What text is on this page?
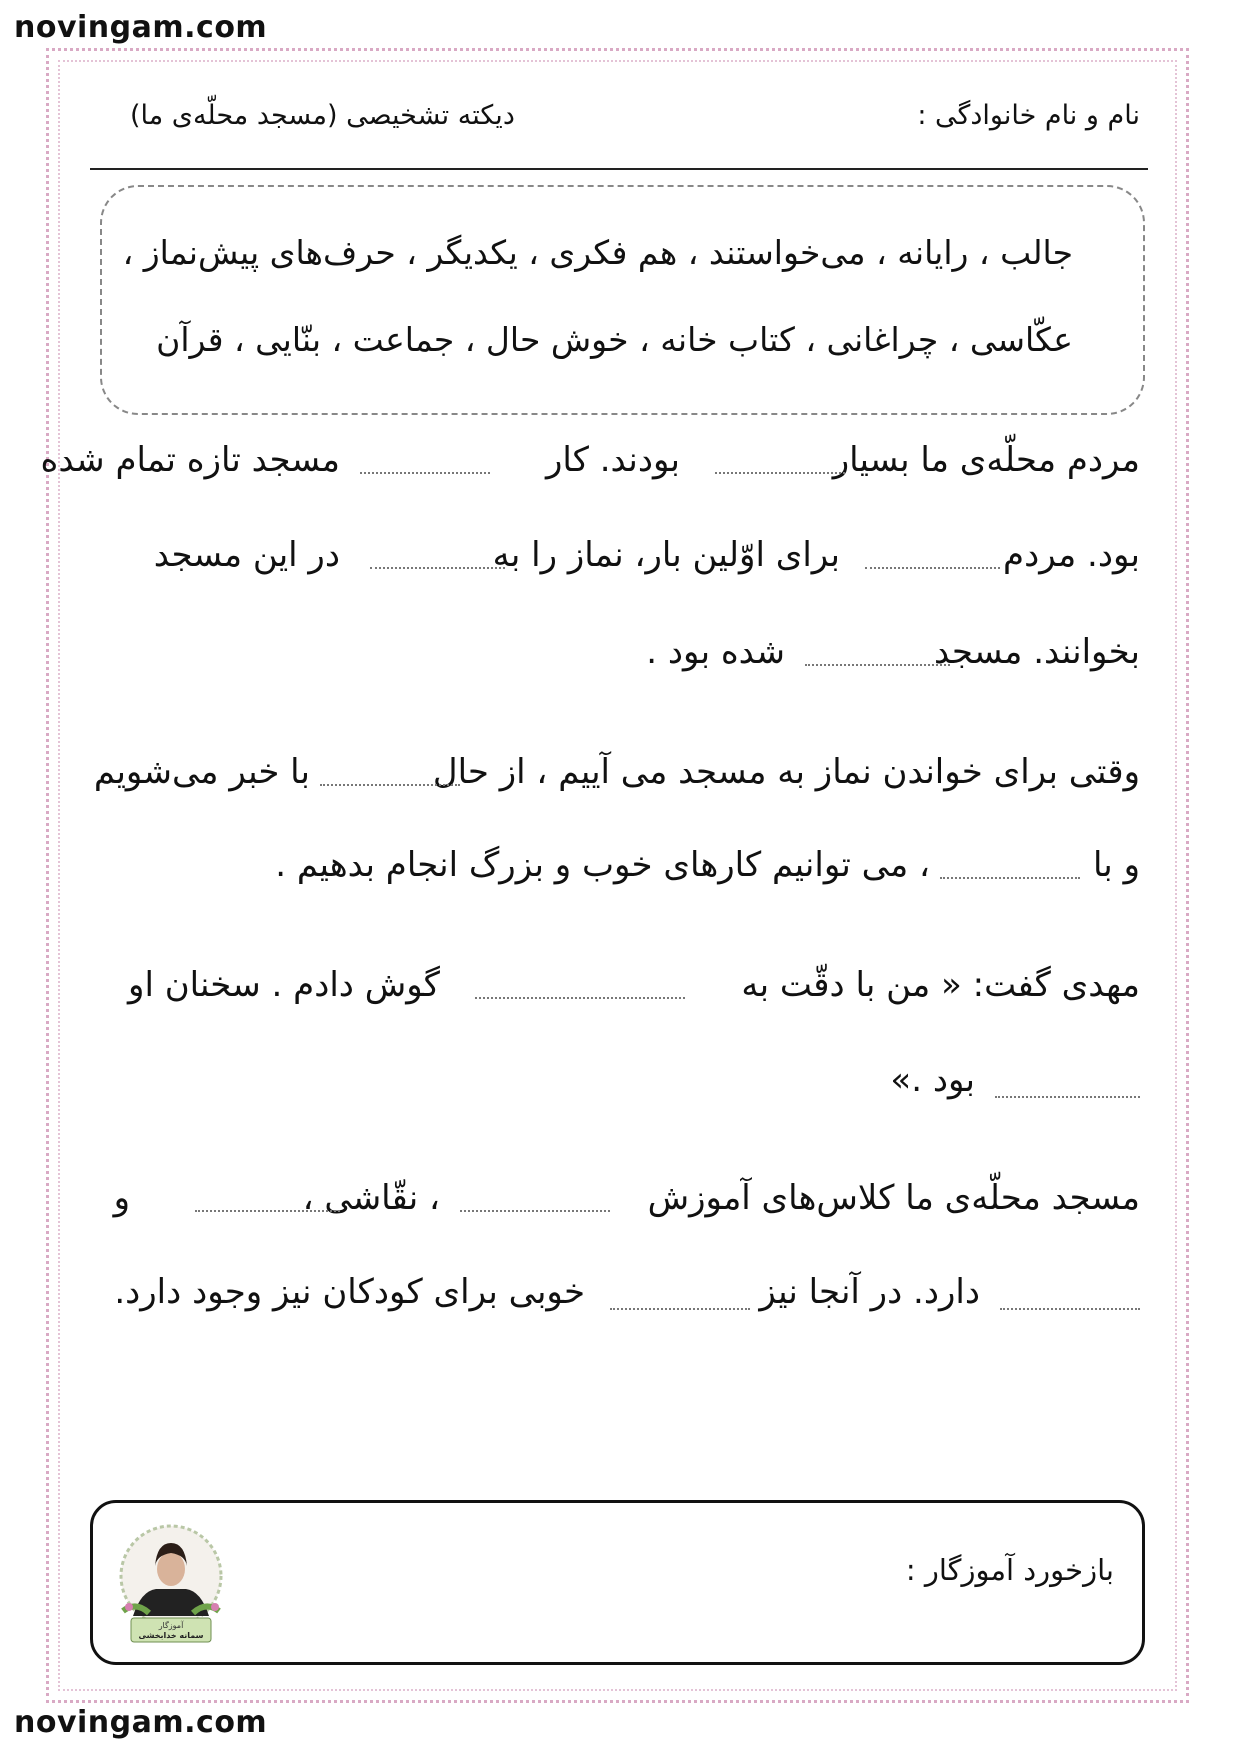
novingam.com
novingam.com
نام و نام خانوادگی :
دیکته تشخیصی (مسجد محلّه‌ی ما)
جالب ، رایانه ، می‌خواستند ، هم فکری ، یکدیگر ، حرف‌های پیش‌نماز ،
عکّاسی ، چراغانی ، کتاب خانه ، خوش حال ، جماعت ، بنّایی ، قرآن
مردم محلّه‌ی ما بسیار
بودند. کار
مسجد تازه تمام شده
بود. مردم
برای اوّلین بار، نماز را به
در این مسجد
بخوانند. مسجد
شده بود .
وقتی برای خواندن نماز به مسجد می آییم ، از حال
با خبر می‌شویم
و با
، می توانیم کارهای خوب و بزرگ انجام بدهیم .
مهدی گفت: « من با دقّت به
گوش دادم . سخنان او
بود .»
مسجد محلّه‌ی ما کلاس‌های آموزش
، نقّاشی ،
و
دارد. در آنجا نیز
خوبی برای کودکان نیز وجود دارد.
بازخورد آموزگار :
آموزگار
سمانه خدابخشی
